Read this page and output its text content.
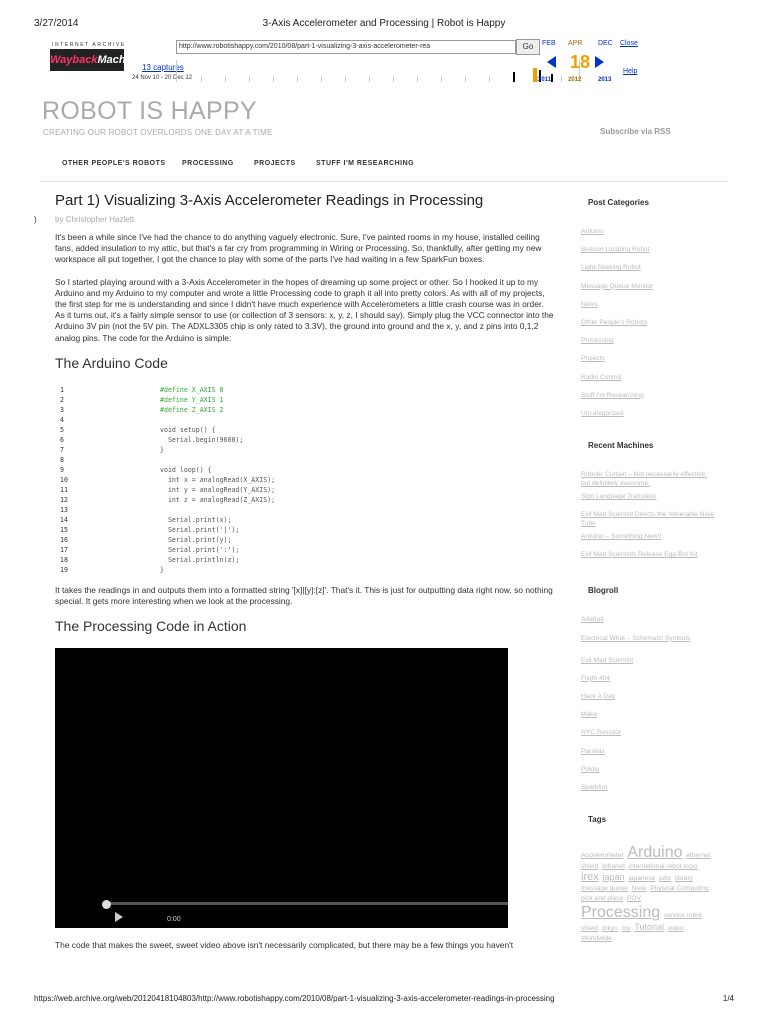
3/27/2014	3-Axis Accelerometer and Processing | Robot is Happy
INTERNET ARCHIVE
WaybackMachine
http://www.robotishappy.com/2010/08/part-1-visualizing-3-axis-accelerometer-rea	Go
13 captures
24 Nov 10 - 20 Dec 12
FEB APR DEC
18
2011	2012	2013
Close
Help
ROBOT IS HAPPY
CREATING OUR ROBOT OVERLORDS ONE DAY AT A TIME	Subscribe via RSS
OTHER PEOPLE'S ROBOTS PROCESSING	PROJECTS	STUFF I'M RESEARCHING
)
Part 1) Visualizing 3-Axis Accelerometer Readings in Processing
by Christopher Hazlett

It's been a while since I've had the chance to do anything vaguely electronic. Sure, I've painted rooms in my house, installed ceiling fans, added insulation to my attic, but that's a far cry from programming in Wiring or Processing. So, thankfully, after getting my new workspace all put together, I got the chance to play with some of the parts I've had waiting in a few SparkFun boxes.

So I started playing around with a 3-Axis Accelerometer in the hopes of dreaming up some project or other. So I hooked it up to my Arduino and my Arduino to my computer and wrote a little Processing code to graph it all into pretty colors. As with all of my projects, the first step for me is understanding and since I didn't have much experience with Accelerometers a little crash course was in order. As it turns out, it's a fairly simple sensor to use (or collection of 3 sensors: x, y, z, I should say). Simply plug the VCC connector into the Arduino 3V pin (not the 5V pin. The ADXL3305 chip is only rated to 3.3V), the ground into ground and the x, y, and z pins into 0,1,2 analog pins. The code for the Arduino is simple:

The Arduino Code
1	#define X_AXIS 0
2	#define Y_AXIS 1
3	#define Z_AXIS 2
4
5	void setup() {
6	Serial.begin(9600);
7	}
8
9	void loop() {
10	int x = analogRead(X_AXIS);
11	int y = analogRead(Y_AXIS);
12	int z = analogRead(Z_AXIS);
13
14	Serial.print(x);
15	Serial.print('|');
16	Serial.print(y);
17	Serial.print(':');
18	Serial.println(z);
19	}

It takes the readings in and outputs them into a formatted string '[x]|[y]:[z]'. That's it. This is just for outputting data right now, so nothing special. It gets more interesting when we look at the processing.

The Processing Code in Action
0:00

The code that makes the sweet, sweet video above isn't necessarily complicated, but there may be a few things you haven't

Post Categories
Arduino
Beacon Locating Robot
Light-Seeking Robot
Message Queue Monitor
News
Other People's Robots
Processing
Projects
Radio Control
Stuff I'm Researching
Uncategorized
Recent Machines
Robotic Curtain – Not necessarily effective, but definitely awesome.
Sign Language Translator
Evil Mad Scientist Directs the Venerable Nixie Tube
Arduino – Something New!!
Evil Mad Scientists Release Egg-Bot Kit
Blogroll
Adafruit
Electrical What – Schematic Symbols
Evil Mad Scientist
Flight 404
Hack A Day
Make
NYC Resistor
Parallax
Pololu
Sparkfun
Tags
Accelerometer Arduino ethernet shield Infrared international robot expo irex japan japanese jobs library message queue Nixie Physical Computing pick and place POV Processing service robot shield tokyo toy Tutorial video Worldwide
https://web.archive.org/web/20120418104803/http://www.robotishappy.com/2010/08/part-1-visualizing-3-axis-accelerometer-readings-in-processing	1/4
